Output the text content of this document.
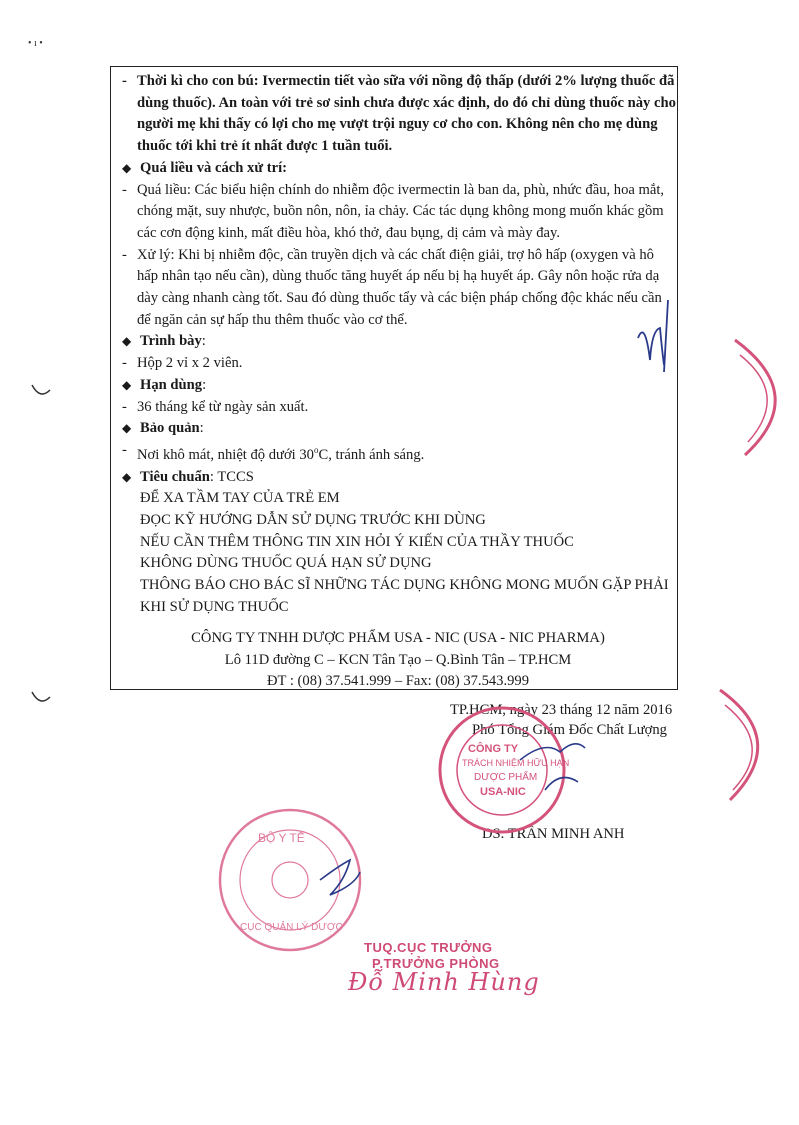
- Thời kì cho con bú: Ivermectin tiết vào sữa với nồng độ thấp (dưới 2% lượng thuốc đã dùng thuốc). An toàn với trẻ sơ sinh chưa được xác định, do đó chỉ dùng thuốc này cho người mẹ khi thấy có lợi cho mẹ vượt trội nguy cơ cho con. Không nên cho mẹ dùng thuốc tới khi trẻ ít nhất được 1 tuần tuổi.
◆ Quá liều và cách xử trí:
- Quá liều: Các biểu hiện chính do nhiễm độc ivermectin là ban da, phù, nhức đầu, hoa mắt, chóng mặt, suy nhược, buồn nôn, nôn, ỉa chảy. Các tác dụng không mong muốn khác gồm các cơn động kinh, mất điều hòa, khó thở, đau bụng, dị cảm và mày đay.
- Xử lý: Khi bị nhiễm độc, cần truyền dịch và các chất điện giải, trợ hô hấp (oxygen và hô hấp nhân tạo nếu cần), dùng thuốc tăng huyết áp nếu bị hạ huyết áp. Gây nôn hoặc rửa dạ dày càng nhanh càng tốt. Sau đó dùng thuốc tẩy và các biện pháp chống độc khác nếu cần để ngăn cản sự hấp thu thêm thuốc vào cơ thể.
◆ Trình bày:
- Hộp 2 vỉ x 2 viên.
◆ Hạn dùng:
- 36 tháng kể từ ngày sản xuất.
◆ Bảo quản:
- Nơi khô mát, nhiệt độ dưới 30$^o$C, tránh ánh sáng.
◆ Tiêu chuẩn: TCCS
ĐỂ XA TẦM TAY CỦA TRẺ EM
ĐỌC KỸ HƯỚNG DẪN SỬ DỤNG TRƯỚC KHI DÙNG
NẾU CẦN THÊM THÔNG TIN XIN HỎI Ý KIẾN CỦA THẦY THUỐC
KHÔNG DÙNG THUỐC QUÁ HẠN SỬ DỤNG
THÔNG BÁO CHO BÁC SĨ NHỮNG TÁC DỤNG KHÔNG MONG MUỐN GẶP PHẢI
KHI SỬ DỤNG THUỐC
CÔNG TY TNHH DƯỢC PHẨM USA - NIC (USA - NIC PHARMA)
Lô 11D đường C – KCN Tân Tạo – Q.Bình Tân – TP.HCM
ĐT : (08) 37.541.999 – Fax: (08) 37.543.999
TP.HCM, ngày 23 tháng 12 năm 2016
Phó Tổng Giám Đốc Chất Lượng
DS. TRẦN MINH ANH
CÔNG TY
TRÁCH NHIỆM HỮU HẠN
DƯỢC PHẨM
USA-NIC
BỘ Y TẾ
CỤC QUẢN LÝ DƯỢC
TUQ.CỤC TRƯỞNG
P.TRƯỞNG PHÒNG
Đỗ Minh Hùng
• ı •
